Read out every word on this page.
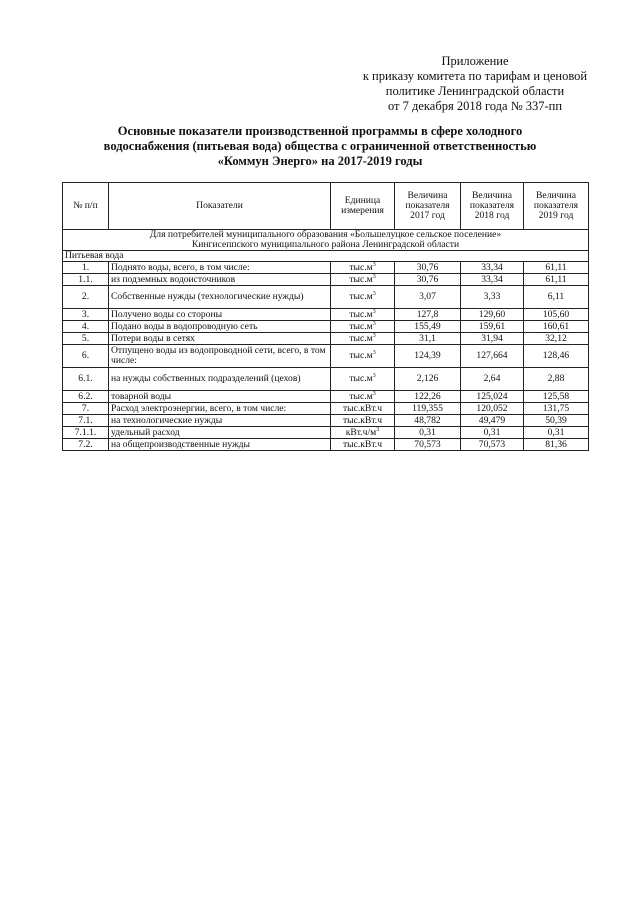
Приложение
к приказу комитета по тарифам и ценовой
политике Ленинградской области
от 7 декабря 2018 года № 337-пп
Основные показатели производственной программы в сфере холодного
водоснабжения (питьевая вода) обществa с ограниченной ответственностью
«Коммун Энерго» на 2017-2019 годы
№ п/п	Показатели	Единица измерения	Величина показателя 2017 год	Величина показателя 2018 год	Величина показателя 2019 год

Для потребителей муниципального образования «Большелуцкое сельское поселение»
Кингисеппского муниципального района Ленинградской области					

Питьевая вода					
1.	Поднято воды, всего, в том числе:	$тыс.м^3$	30,76	33,34	61,11
1.1.	из подземных водоисточников	$тыс.м^3$	30,76	33,34	61,11
2.	Собственные нужды (технологические нужды)	$тыс.м^3$	3,07	3,33	6,11
3.	Получено воды со стороны	$тыс.м^3$	127,8	129,60	105,60
4.	Подано воды в водопроводную сеть	$тыс.м^3$	155,49	159,61	160,61
5.	Потери воды в сетях	$тыс.м^3$	31,1	31,94	32,12
6.	Отпущено воды из водопроводной сети, всего, в том числе:	$тыс.м^3$	124,39	127,664	128,46
6.1.	на нужды собственных подразделений (цехов)	$тыс.м^3$	2,126	2,64	2,88
6.2.	товарной воды	$тыс.м^3$	122,26	125,024	125,58
7.	Расход электроэнергии, всего, в том числе:	тыс.кВт.ч	119,355	120,052	131,75
7.1.	на технологические нужды	тыс.кВт.ч	48,782	49,479	50,39
7.1.1.	удельный расход	$кВт.ч/м^3$	0,31	0,31	0,31
7.2.	на общепроизводственные нужды	тыс.кВт.ч	70,573	70,573	81,36
